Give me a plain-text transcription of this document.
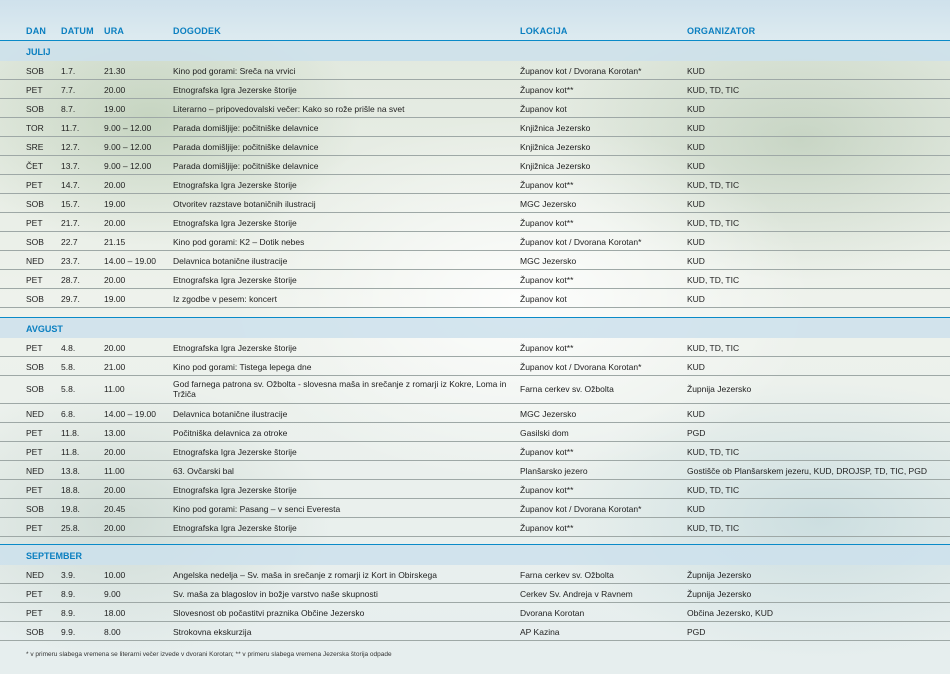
DAN DATUM URA	DOGODEK	LOKACIJA	ORGANIZATOR
JULIJ
SOB 1.7.	21.30	Kino pod gorami: Sreča na vrvici	Županov kot / Dvorana Korotan*	KUD
PET 7.7.	20.00	Etnografska Igra Jezerske štorije	Županov kot**	KUD, TD, TIC
SOB 8.7.	19.00	Literarno – pripovedovalski večer: Kako so rože prišle na svet	Županov kot	KUD
TOR 11.7.	9.00 – 12.00	Parada domišljije: počitniške delavnice	Knjižnica Jezersko	KUD
SRE 12.7.	9.00 – 12.00	Parada domišljije: počitniške delavnice	Knjižnica Jezersko	KUD
ČET 13.7.	9.00 – 12.00	Parada domišljije: počitniške delavnice	Knjižnica Jezersko	KUD
PET 14.7.	20.00	Etnografska Igra Jezerske štorije	Županov kot**	KUD, TD, TIC
SOB 15.7.	19.00	Otvoritev razstave botaničnih ilustracij	MGC Jezersko	KUD
PET 21.7.	20.00	Etnografska Igra Jezerske štorije	Županov kot**	KUD, TD, TIC
SOB 22.7	21.15	Kino pod gorami: K2 – Dotik nebes	Županov kot / Dvorana Korotan*	KUD
NED 23.7.	14.00 – 19.00 Delavnica botanične ilustracije	MGC Jezersko	KUD
PET 28.7.	20.00	Etnografska Igra Jezerske štorije	Županov kot**	KUD, TD, TIC
SOB 29.7.	19.00	Iz zgodbe v pesem: koncert	Županov kot	KUD
AVGUST
PET 4.8.	20.00	Etnografska Igra Jezerske štorije	Županov kot**	KUD, TD, TIC
SOB 5.8.	21.00	Kino pod gorami: Tistega lepega dne	Županov kot / Dvorana Korotan*	KUD
SOB 5.8.	11.00	God farnega patrona sv. Ožbolta - slovesna maša in srečanje z romarji iz Kokre, Loma in Tržiča	Farna cerkev sv. Ožbolta	Župnija Jezersko
NED 6.8.	14.00 – 19.00 Delavnica botanične ilustracije	MGC Jezersko	KUD
PET 11.8.	13.00	Počitniška delavnica za otroke	Gasilski dom	PGD
PET 11.8.	20.00	Etnografska Igra Jezerske štorije	Županov kot**	KUD, TD, TIC
NED 13.8.	11.00	63. Ovčarski bal	Planšarsko jezero	Gostišče ob Planšarskem jezeru, KUD, DROJSP, TD, TIC, PGD
PET 18.8.	20.00	Etnografska Igra Jezerske štorije	Županov kot**	KUD, TD, TIC
SOB 19.8.	20.45	Kino pod gorami: Pasang – v senci Everesta	Županov kot / Dvorana Korotan*	KUD
PET 25.8.	20.00	Etnografska Igra Jezerske štorije	Županov kot**	KUD, TD, TIC
SEPTEMBER
NED 3.9.	10.00	Angelska nedelja – Sv. maša in srečanje z romarji iz Kort in Obirskega	Farna cerkev sv. Ožbolta	Župnija Jezersko
PET 8.9.	9.00	Sv. maša za blagoslov in božje varstvo naše skupnosti	Cerkev Sv. Andreja v Ravnem	Župnija Jezersko
PET 8.9.	18.00	Slovesnost ob počastitvi praznika Občine Jezersko	Dvorana Korotan	Občina Jezersko, KUD
SOB 9.9.	8.00	Strokovna ekskurzija	AP Kazina	PGD
* v primeru slabega vremena se literarni večer izvede v dvorani Korotan; ** v primeru slabega vremena Jezerska štorija odpade
